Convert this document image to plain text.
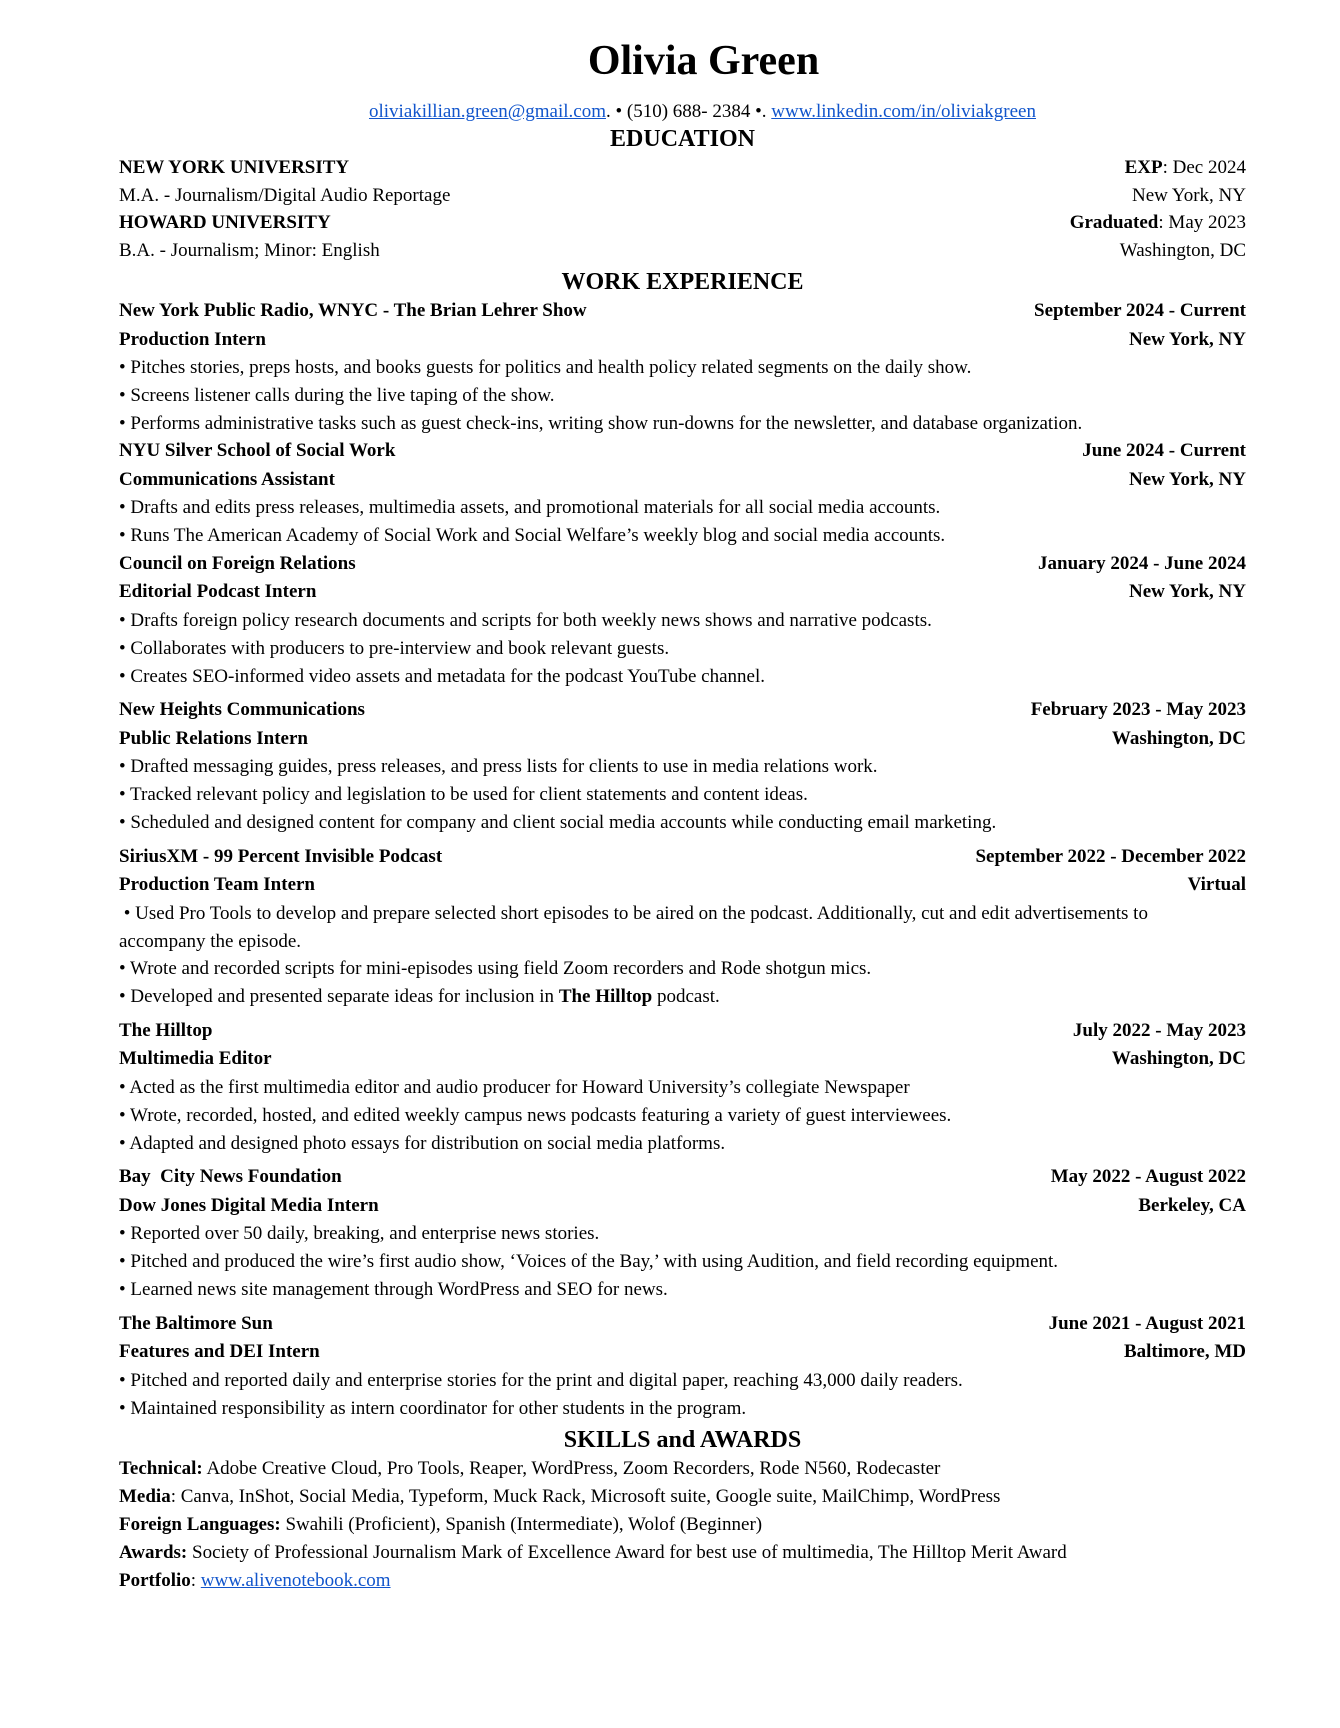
Olivia Green
oliviakillian.green@gmail.com. • (510) 688- 2384 •. www.linkedin.com/in/oliviakgreen
EDUCATION
NEW YORK UNIVERSITY	EXP: Dec 2024
M.A. - Journalism/Digital Audio Reportage	New York, NY
HOWARD UNIVERSITY	Graduated: May 2023
B.A. - Journalism; Minor: English	Washington, DC
WORK EXPERIENCE
New York Public Radio, WNYC - The Brian Lehrer Show	September 2024 - Current
Production Intern	New York, NY

• Pitches stories, preps hosts, and books guests for politics and health policy related segments on the daily show.

• Screens listener calls during the live taping of the show.

• Performs administrative tasks such as guest check-ins, writing show run-downs for the newsletter, and database organization.

NYU Silver School of Social Work	June 2024 - Current
Communications Assistant	New York, NY

• Drafts and edits press releases, multimedia assets, and promotional materials for all social media accounts.

• Runs The American Academy of Social Work and Social Welfare’s weekly blog and social media accounts.

Council on Foreign Relations	January 2024 - June 2024
Editorial Podcast Intern	New York, NY

• Drafts foreign policy research documents and scripts for both weekly news shows and narrative podcasts.

• Collaborates with producers to pre-interview and book relevant guests.

• Creates SEO-informed video assets and metadata for the podcast YouTube channel.

New Heights Communications	February 2023 - May 2023
Public Relations Intern	Washington, DC

• Drafted messaging guides, press releases, and press lists for clients to use in media relations work.

• Tracked relevant policy and legislation to be used for client statements and content ideas.

• Scheduled and designed content for company and client social media accounts while conducting email marketing.

SiriusXM - 99 Percent Invisible Podcast	September 2022 - December 2022
Production Team Intern	Virtual

• Used Pro Tools to develop and prepare selected short episodes to be aired on the podcast. Additionally, cut and edit advertisements to accompany the episode.

• Wrote and recorded scripts for mini-episodes using field Zoom recorders and Rode shotgun mics.

• Developed and presented separate ideas for inclusion in The Hilltop podcast.

The Hilltop	July 2022 - May 2023
Multimedia Editor	Washington, DC

• Acted as the first multimedia editor and audio producer for Howard University’s collegiate Newspaper

• Wrote, recorded, hosted, and edited weekly campus news podcasts featuring a variety of guest interviewees.

• Adapted and designed photo essays for distribution on social media platforms.

Bay  City News Foundation	May 2022 - August 2022
Dow Jones Digital Media Intern	Berkeley, CA

• Reported over 50 daily, breaking, and enterprise news stories.

• Pitched and produced the wire’s first audio show, ‘Voices of the Bay,’ with using Audition, and field recording equipment.

• Learned news site management through WordPress and SEO for news.

The Baltimore Sun	June 2021 - August 2021
Features and DEI Intern	Baltimore, MD

• Pitched and reported daily and enterprise stories for the print and digital paper, reaching 43,000 daily readers.

• Maintained responsibility as intern coordinator for other students in the program.

SKILLS and AWARDS
Technical: Adobe Creative Cloud, Pro Tools, Reaper, WordPress, Zoom Recorders, Rode N560, Rodecaster
Media: Canva, InShot, Social Media, Typeform, Muck Rack, Microsoft suite, Google suite, MailChimp, WordPress
Foreign Languages: Swahili (Proficient), Spanish (Intermediate), Wolof (Beginner)
Awards: Society of Professional Journalism Mark of Excellence Award for best use of multimedia, The Hilltop Merit Award
Portfolio: www.alivenotebook.com
